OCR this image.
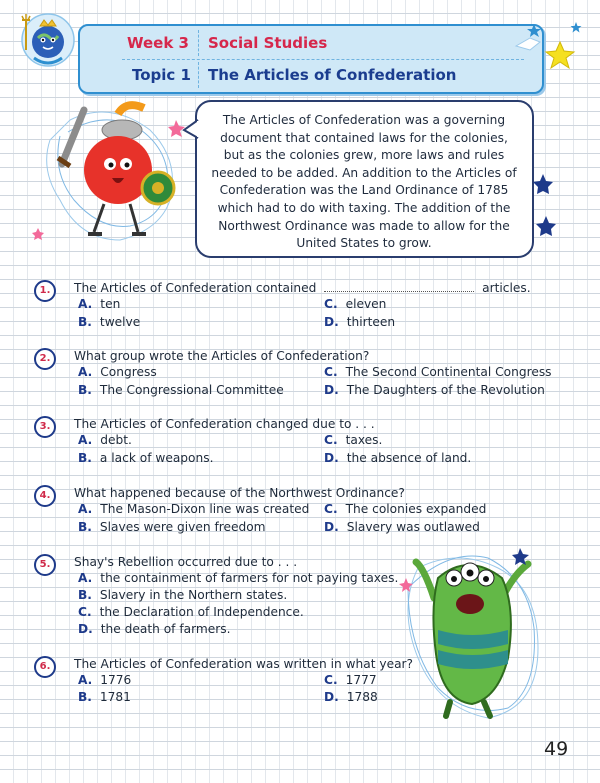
Week 3 Social Studies
Topic 1 The Articles of Confederation
The Articles of Confederation was a governing document that contained laws for the colonies, but as the colonies grew, more laws and rules needed to be added. An addition to the Articles of Confederation was the Land Ordinance of 1785 which had to do with taxing. The addition of the Northwest Ordinance was made to allow for the United States to grow.
1.	The Articles of Confederation contained	articles.
A. ten
B. twelve
C. eleven
D. thirteen
2.	What group wrote the Articles of Confederation?
A. Congress
B. The Congressional Committee
C. The Second Continental Congress
D. The Daughters of the Revolution
3.	The Articles of Confederation changed due to . . .
A. debt.
B. a lack of weapons.
C. taxes.
D. the absence of land.
4.	What happened because of the Northwest Ordinance?
A. The Mason-Dixon line was created
B. Slaves were given freedom
C. The colonies expanded
D. Slavery was outlawed
5.	Shay's Rebellion occurred due to . . .
A. the containment of farmers for not paying taxes.
B. Slavery in the Northern states.
C. the Declaration of Independence.
D. the death of farmers.
6.	The Articles of Confederation was written in what year?
A. 1776
B. 1781
C. 1777
D. 1788
49
